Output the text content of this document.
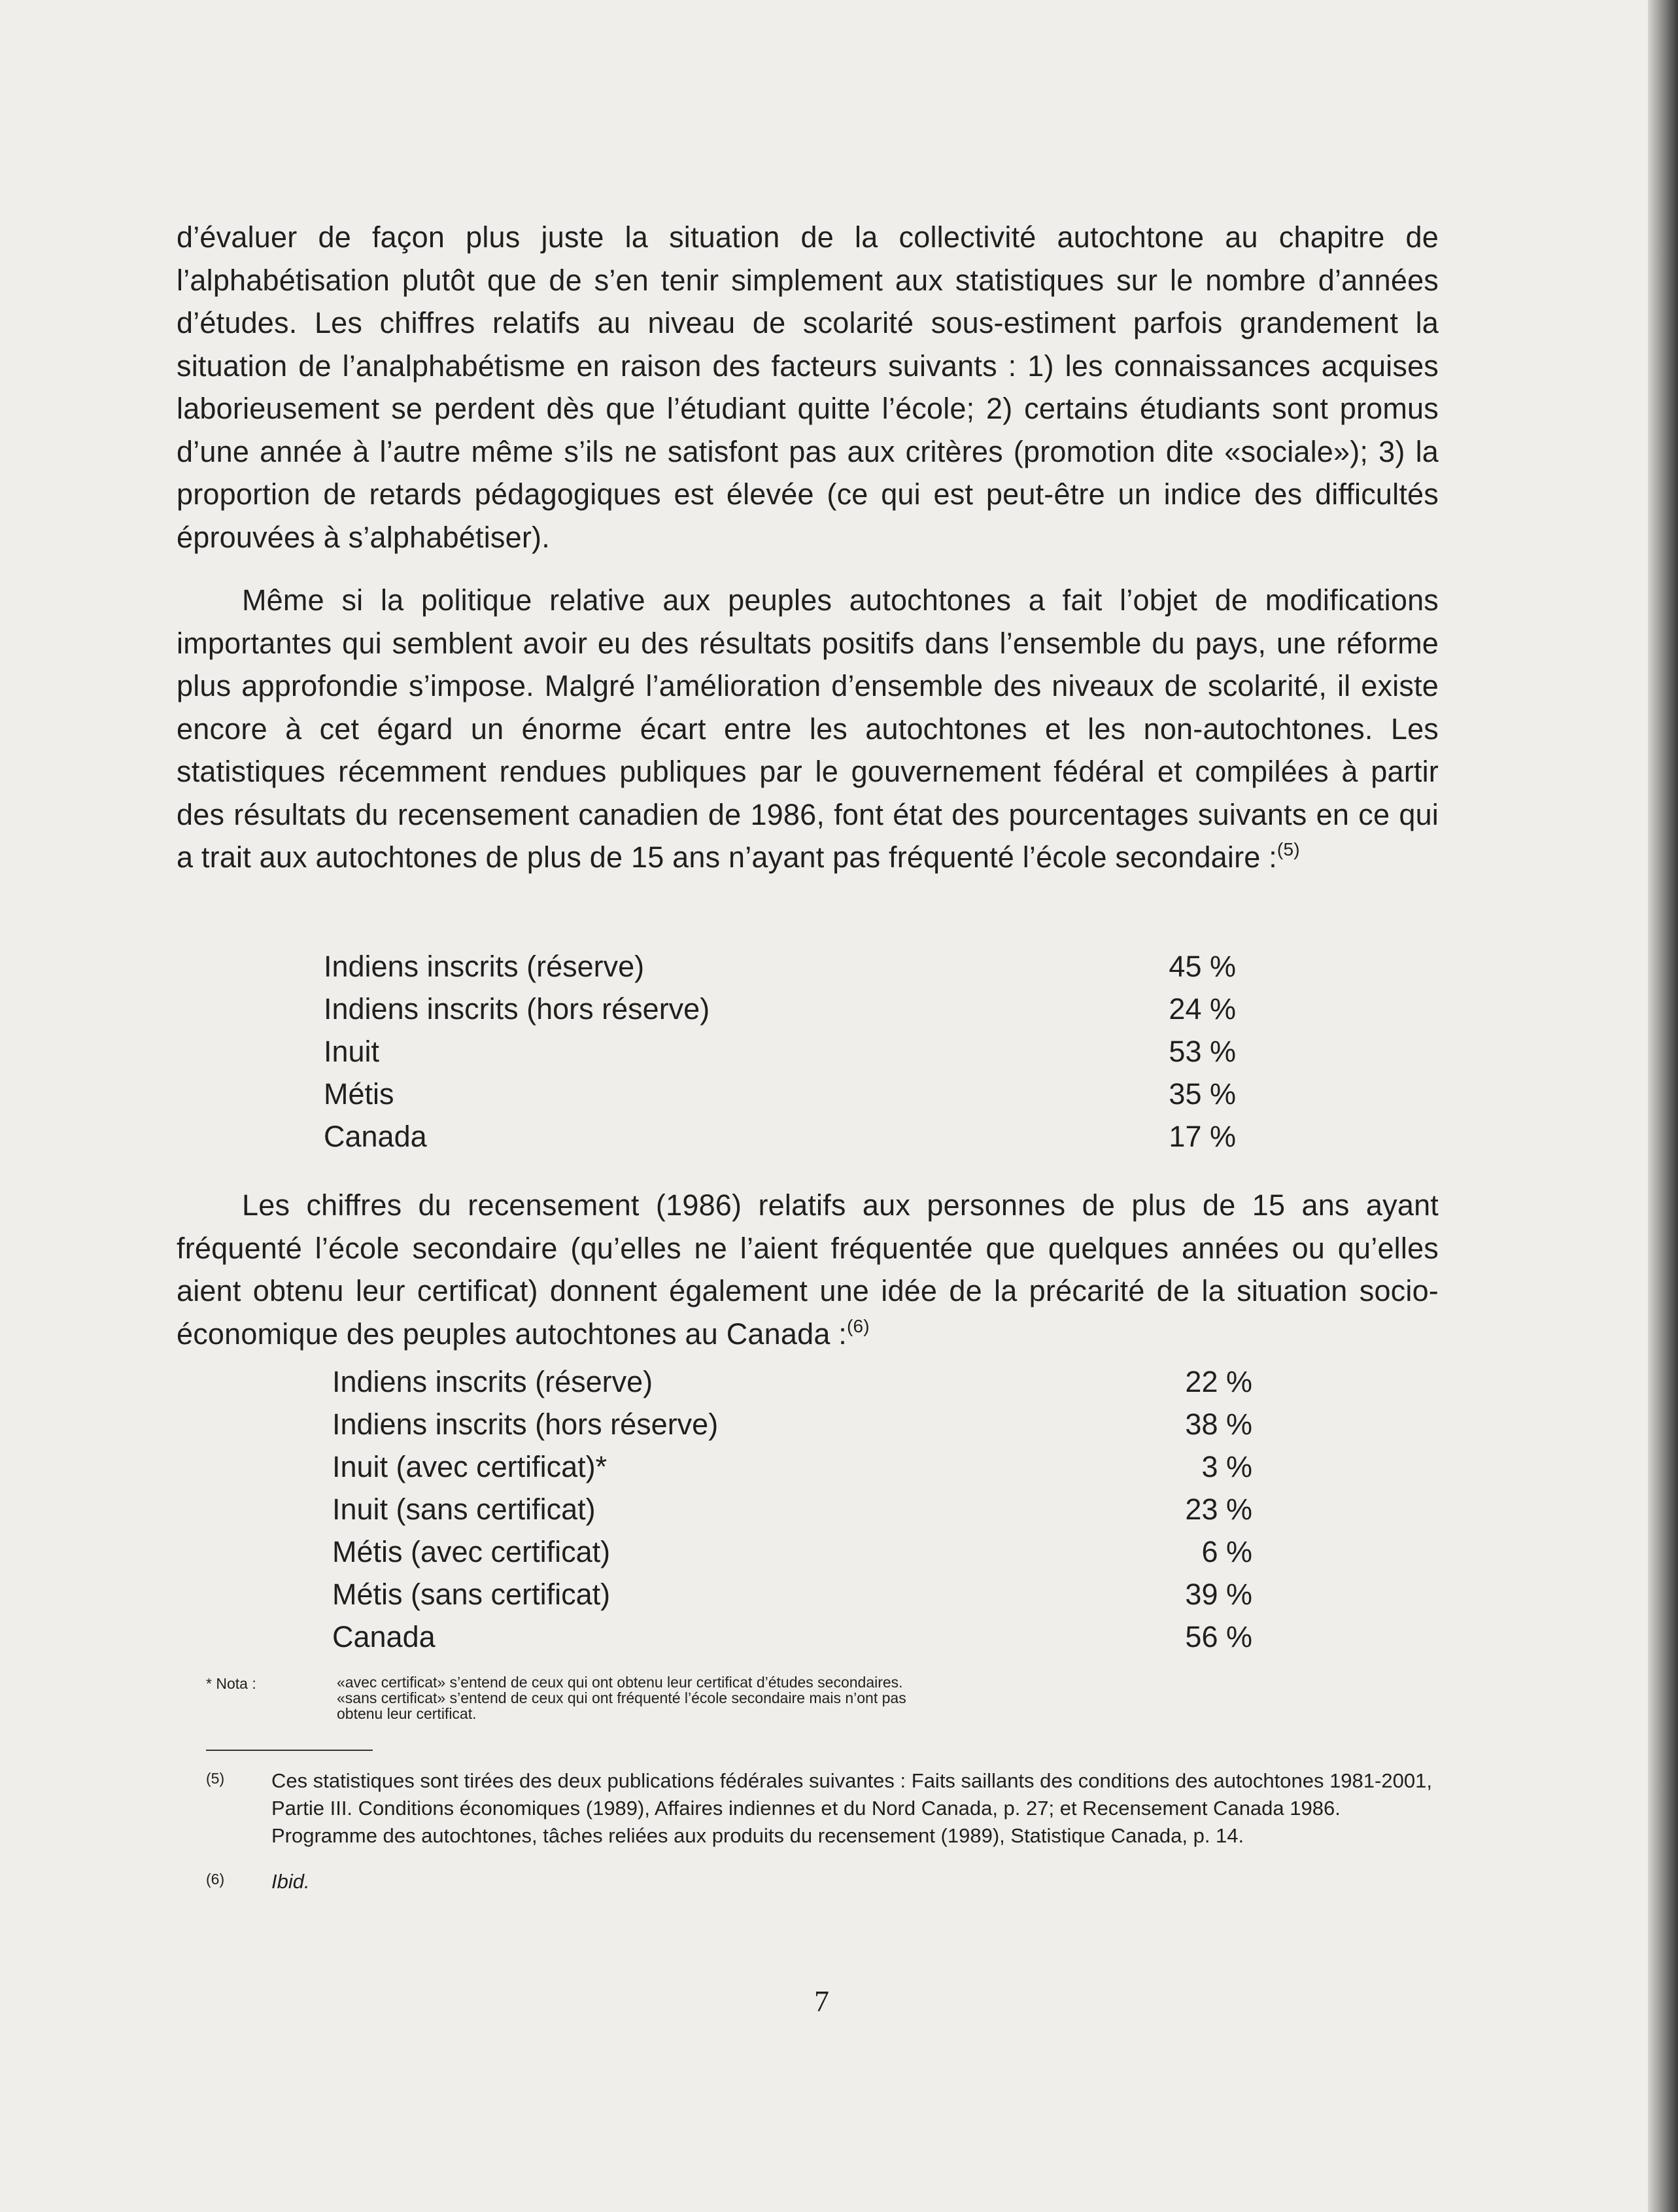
d’évaluer de façon plus juste la situation de la collectivité autochtone au chapitre de l’alphabétisation plutôt que de s’en tenir simplement aux statistiques sur le nombre d’années d’études. Les chiffres relatifs au niveau de scolarité sous-estiment parfois grandement la situation de l’analphabétisme en raison des facteurs suivants : 1) les connaissances acquises laborieusement se perdent dès que l’étudiant quitte l’école; 2) certains étudiants sont promus d’une année à l’autre même s’ils ne satisfont pas aux critères (promotion dite «sociale»); 3) la proportion de retards pédagogiques est élevée (ce qui est peut-être un indice des difficultés éprouvées à s’alphabétiser).

Même si la politique relative aux peuples autochtones a fait l’objet de modifications importantes qui semblent avoir eu des résultats positifs dans l’ensemble du pays, une réforme plus approfondie s’impose. Malgré l’amélioration d’ensemble des niveaux de scolarité, il existe encore à cet égard un énorme écart entre les autochtones et les non-autochtones. Les statistiques récemment rendues publiques par le gouvernement fédéral et compilées à partir des résultats du recensement canadien de 1986, font état des pourcentages suivants en ce qui a trait aux autochtones de plus de 15 ans n’ayant pas fréquenté l’école secondaire :$^{(5)}$

Indiens inscrits (réserve)	45 %
Indiens inscrits (hors réserve)	24 %
Inuit	53 %
Métis	35 %
Canada	17 %

Les chiffres du recensement (1986) relatifs aux personnes de plus de 15 ans ayant fréquenté l’école secondaire (qu’elles ne l’aient fréquentée que quelques années ou qu’elles aient obtenu leur certificat) donnent également une idée de la précarité de la situation socio-économique des peuples autochtones au Canada :$^{(6)}$

Indiens inscrits (réserve)	22 %
Indiens inscrits (hors réserve)	38 %
Inuit (avec certificat)*	3 %
Inuit (sans certificat)	23 %
Métis (avec certificat)	6 %
Métis (sans certificat)	39 %
Canada	56 %
* Nota :	«avec certificat» s’entend de ceux qui ont obtenu leur certificat d’études secondaires.
«sans certificat» s’entend de ceux qui ont fréquenté l’école secondaire mais n’ont pas
obtenu leur certificat.

(5) Ces statistiques sont tirées des deux publications fédérales suivantes : Faits saillants des conditions des autochtones 1981-2001, Partie III. Conditions économiques (1989), Affaires indiennes et du Nord Canada, p. 27; et Recensement Canada 1986. Programme des autochtones, tâches reliées aux produits du recensement (1989), Statistique Canada, p. 14.

(6) Ibid.

7
